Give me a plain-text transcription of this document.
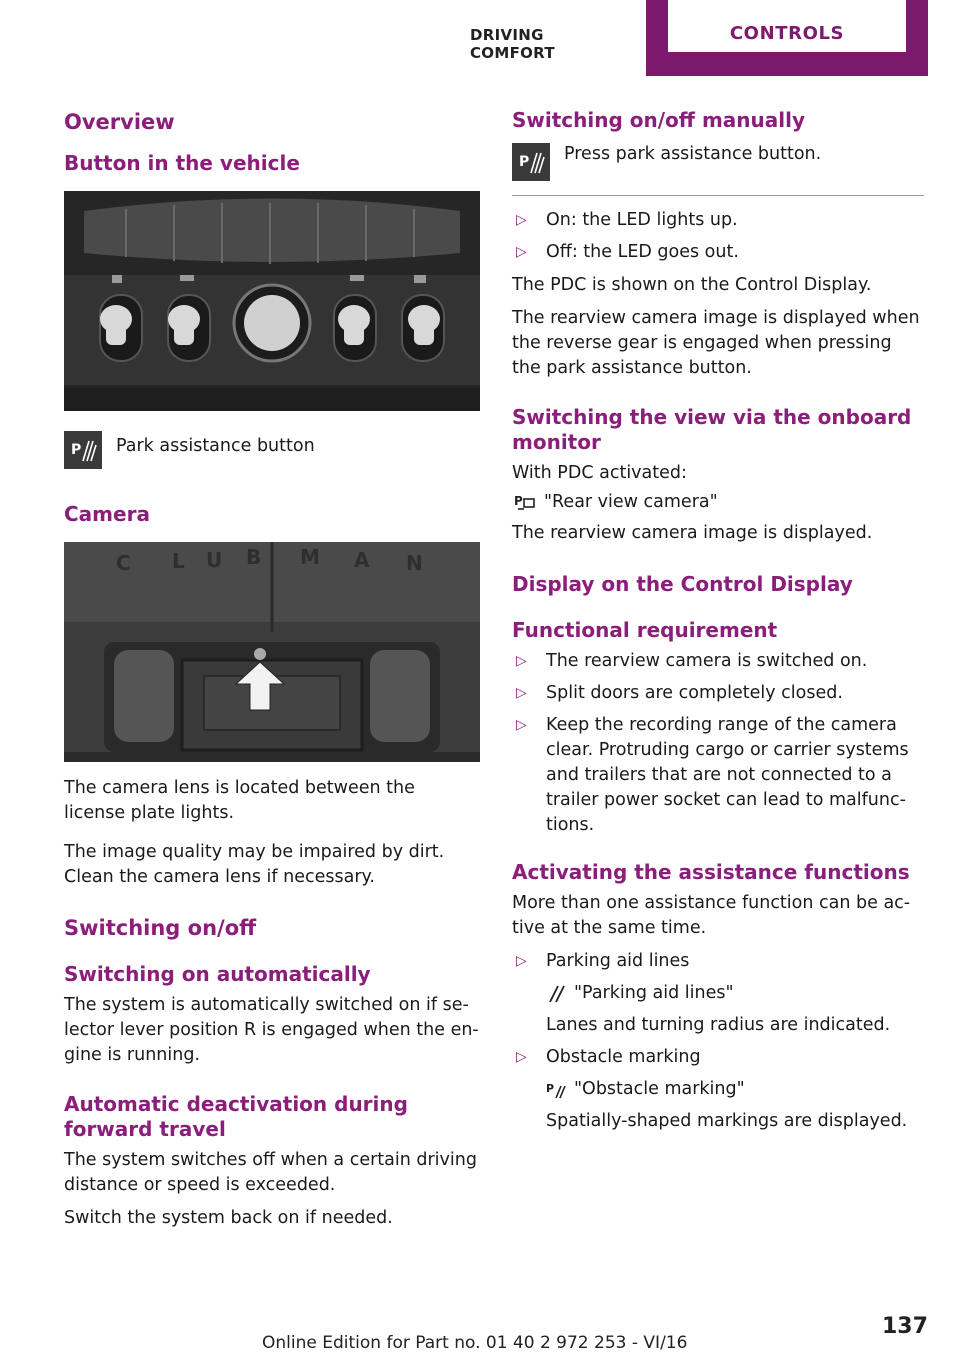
DRIVING COMFORT
CONTROLS
Overview
Button in the vehicle
P Park assistance button
Camera
C L U B M A N
The camera lens is located between the license plate lights.
The image quality may be impaired by dirt. Clean the camera lens if necessary.
Switching on/off
Switching on automatically
The system is automatically switched on if se‐lector lever position R is engaged when the en‐gine is running.
Automatic deactivation during forward travel
The system switches off when a certain driving distance or speed is exceeded.
Switch the system back on if needed.
Switching on/off manually
P Press park assistance button.
▷ On: the LED lights up.
▷ Off: the LED goes out.
The PDC is shown on the Control Display.
The rearview camera image is displayed when the reverse gear is engaged when pressing the park assistance button.
Switching the view via the onboard monitor
With PDC activated:
P "Rear view camera"
The rearview camera image is displayed.
Display on the Control Display
Functional requirement
▷ The rearview camera is switched on.
▷ Split doors are completely closed.
▷ Keep the recording range of the camera clear. Protruding cargo or carrier systems and trailers that are not connected to a trailer power socket can lead to malfunc‐tions.
Activating the assistance functions
More than one assistance function can be ac‐tive at the same time.
▷ Parking aid lines
"Parking aid lines"
Lanes and turning radius are indicated.
▷ Obstacle marking
P "Obstacle marking"
Spatially-shaped markings are displayed.
137
Online Edition for Part no. 01 40 2 972 253 - VI/16
